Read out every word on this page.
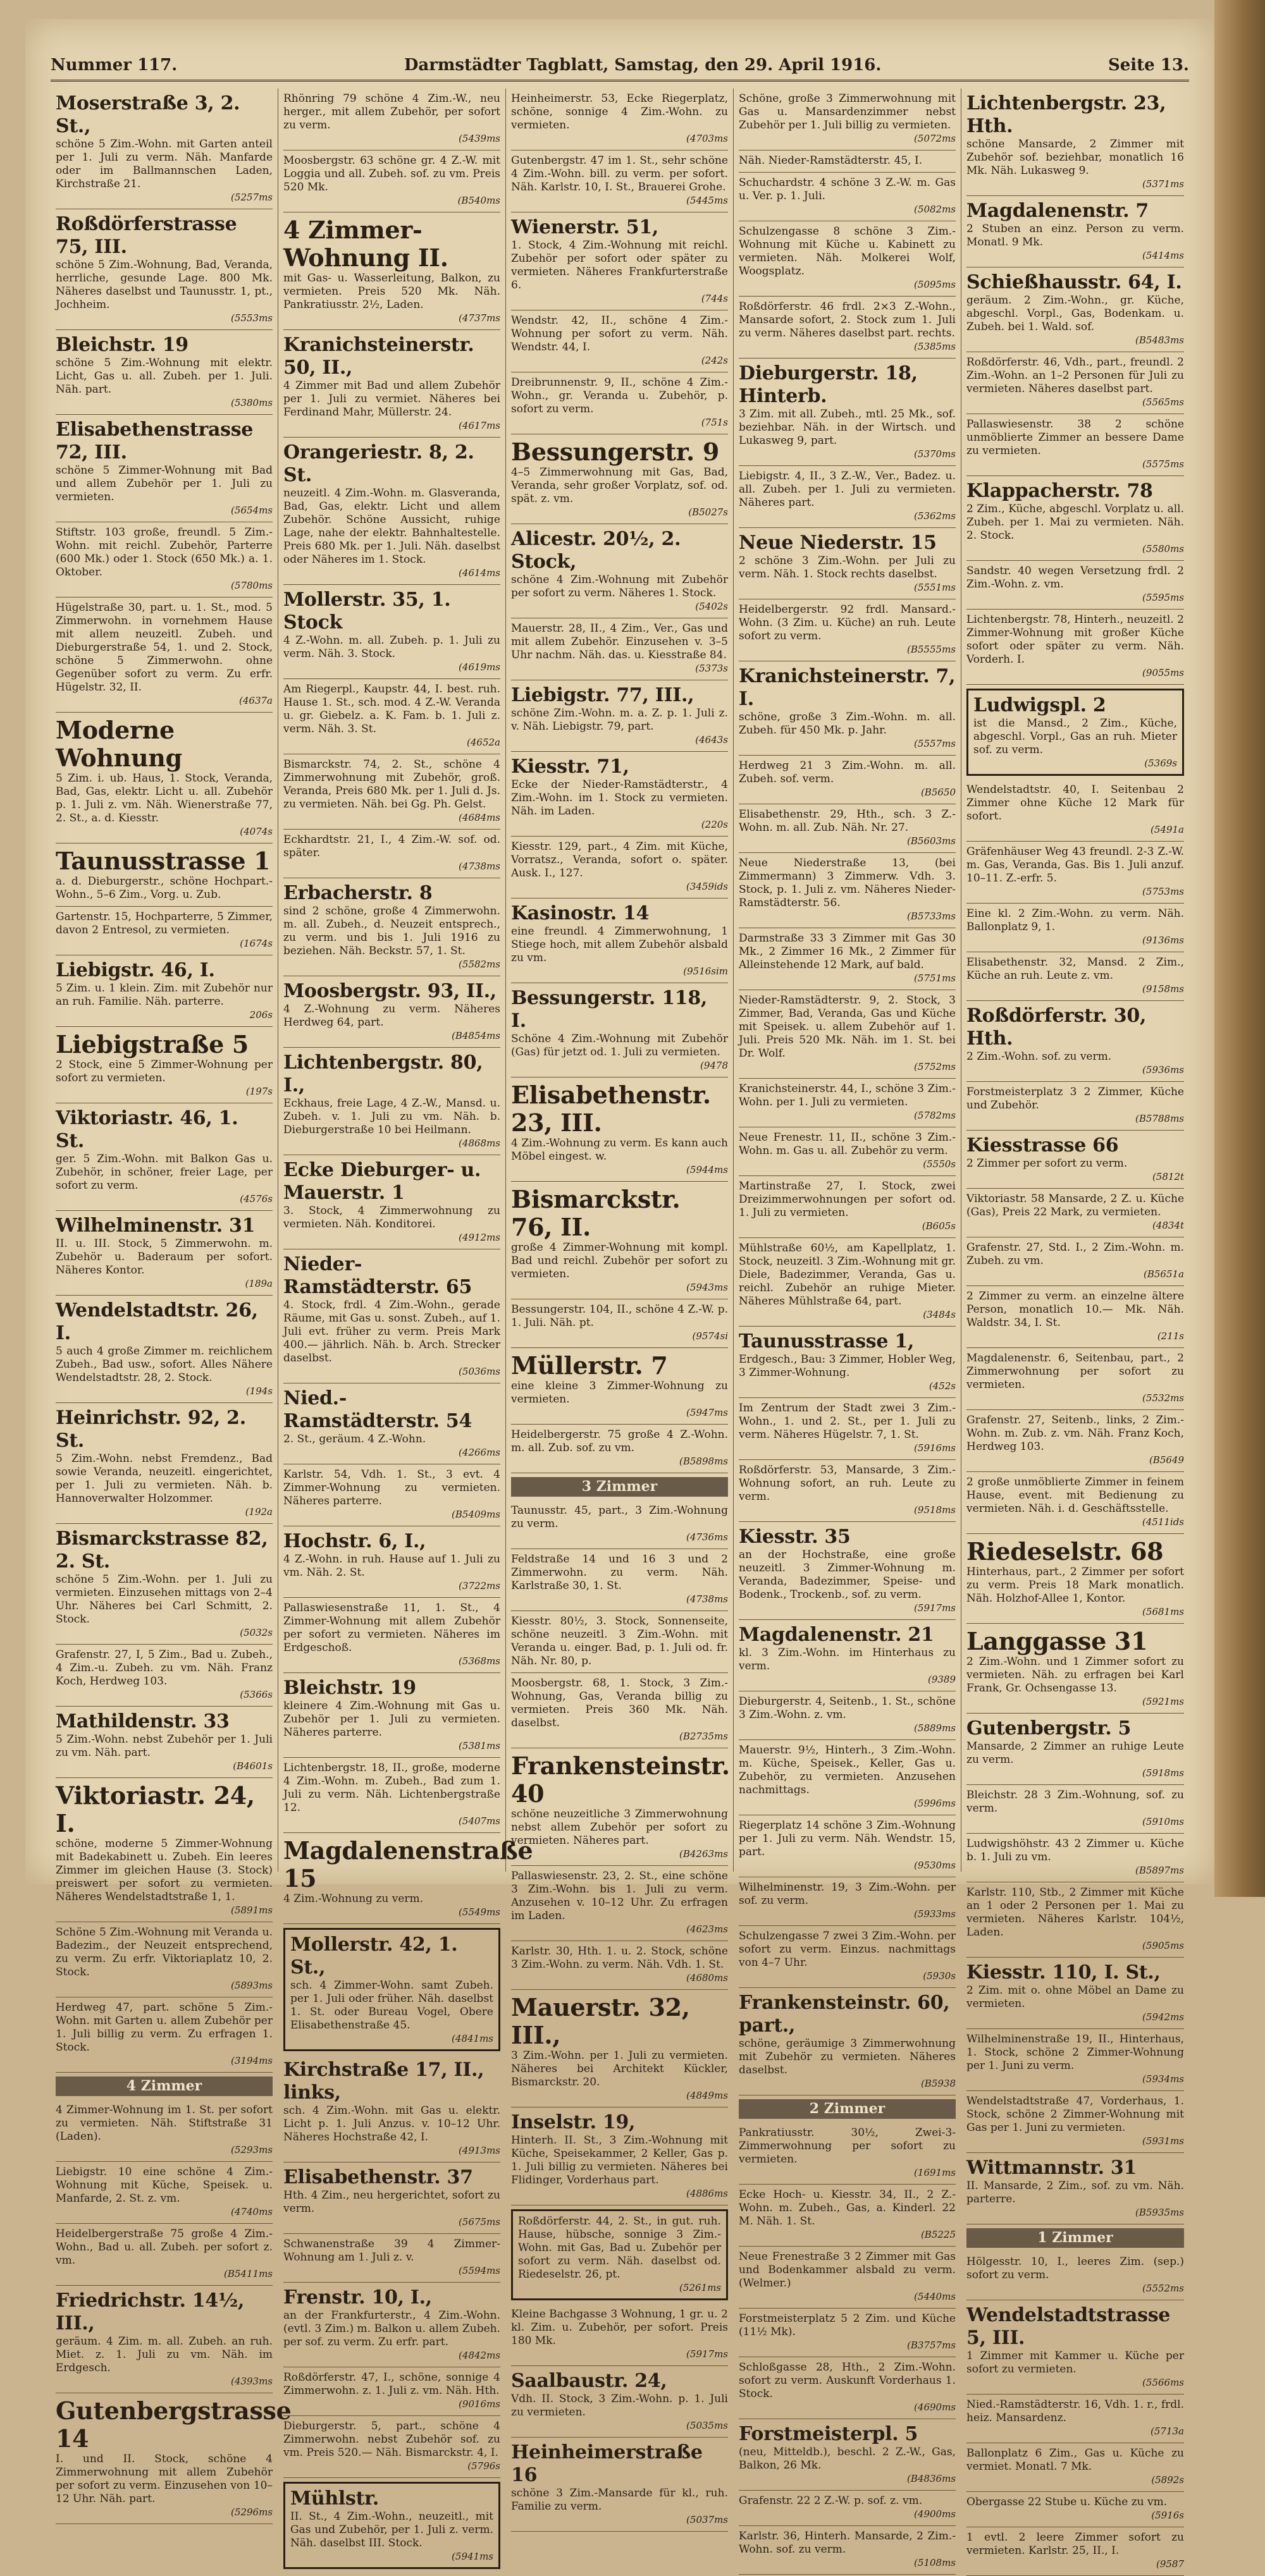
Nummer 117.	Darmstädter Tagblatt, Samstag, den 29. April 1916.	Seite 13.
Moserstraße 3, 2. St.,
schöne 5 Zim.-Wohn. mit Garten anteil per 1. Juli zu verm. Näh. Manfarde oder im Ballmannschen Laden, Kirchstraße 21.
(5257ms
Roßdörferstrasse 75, III.
schöne 5 Zim.-Wohnung, Bad, Veranda, herrliche, gesunde Lage. 800 Mk. Näheres daselbst und Taunusstr. 1, pt., Jochheim.
(5553ms
Bleichstr. 19
schöne 5 Zim.-Wohnung mit elektr. Licht, Gas u. all. Zubeh. per 1. Juli. Näh. part.
(5380ms
Elisabethenstrasse 72, III.
schöne 5 Zimmer-Wohnung mit Bad und allem Zubehör per 1. Juli zu vermieten.
(5654ms
Stiftstr. 103 große, freundl. 5 Zim.-Wohn. mit reichl. Zubehör, Parterre (600 Mk.) oder 1. Stock (650 Mk.) a. 1. Oktober.
(5780ms
Hügelstraße 30, part. u. 1. St., mod. 5 Zimmerwohn. in vornehmem Hause mit allem neuzeitl. Zubeh. und Dieburgerstraße 54, 1. und 2. Stock, schöne 5 Zimmerwohn. ohne Gegenüber sofort zu verm. Zu erfr. Hügelstr. 32, II.
(4637a
Moderne Wohnung
5 Zim. i. ub. Haus, 1. Stock, Veranda, Bad, Gas, elektr. Licht u. all. Zubehör p. 1. Juli z. vm. Näh. Wienerstraße 77, 2. St., a. d. Kiesstr.
(4074s
Taunusstrasse 1
a. d. Dieburgerstr., schöne Hochpart.-Wohn., 5–6 Zim., Vorg. u. Zub.
Gartenstr. 15, Hochparterre, 5 Zimmer, davon 2 Entresol, zu vermieten.
(1674s
Liebigstr. 46, I.
5 Zim. u. 1 klein. Zim. mit Zubehör nur an ruh. Familie. Näh. parterre.
206s
Liebigstraße 5
2 Stock, eine 5 Zimmer-Wohnung per sofort zu vermieten.
(197s
Viktoriastr. 46, 1. St.
ger. 5 Zim.-Wohn. mit Balkon Gas u. Zubehör, in schöner, freier Lage, per sofort zu verm.
(4576s
Wilhelminenstr. 31
II. u. III. Stock, 5 Zimmerwohn. m. Zubehör u. Baderaum per sofort. Näheres Kontor.
(189a
Wendelstadtstr. 26, I.
5 auch 4 große Zimmer m. reichlichem Zubeh., Bad usw., sofort. Alles Nähere Wendelstadtstr. 28, 2. Stock.
(194s
Heinrichstr. 92, 2. St.
5 Zim.-Wohn. nebst Fremdenz., Bad sowie Veranda, neuzeitl. eingerichtet, per 1. Juli zu vermieten. Näh. b. Hannoverwalter Holzommer.
(192a
Bismarckstrasse 82, 2. St.
schöne 5 Zim.-Wohn. per 1. Juli zu vermieten. Einzusehen mittags von 2–4 Uhr. Näheres bei Carl Schmitt, 2. Stock.
(5032s
Grafenstr. 27, I, 5 Zim., Bad u. Zubeh., 4 Zim.-u. Zubeh. zu vm. Näh. Franz Koch, Herdweg 103.
(5366s
Mathildenstr. 33
5 Zim.-Wohn. nebst Zubehör per 1. Juli zu vm. Näh. part.
(B4601s
Viktoriastr. 24, I.
schöne, moderne 5 Zimmer-Wohnung mit Badekabinett u. Zubeh. Ein leeres Zimmer im gleichen Hause (3. Stock) preiswert per sofort zu vermieten. Näheres Wendelstadtstraße 1, 1.
(5891ms
Schöne 5 Zim.-Wohnung mit Veranda u. Badezim., der Neuzeit entsprechend, zu verm. Zu erfr. Viktoriaplatz 10, 2. Stock.
(5893ms
Herdweg 47, part. schöne 5 Zim.-Wohn. mit Garten u. allem Zubehör per 1. Juli billig zu verm. Zu erfragen 1. Stock.
(3194ms
4 Zimmer
4 Zimmer-Wohnung im 1. St. per sofort zu vermieten. Näh. Stiftstraße 31 (Laden).
(5293ms
Liebigstr. 10 eine schöne 4 Zim.-Wohnung mit Küche, Speisek. u. Manfarde, 2. St. z. vm.
(4740ms
Heidelbergerstraße 75 große 4 Zim.-Wohn., Bad u. all. Zubeh. per sofort z. vm.
(B5411ms
Friedrichstr. 14½, III.,
geräum. 4 Zim. m. all. Zubeh. an ruh. Miet. z. 1. Juli zu vm. Näh. im Erdgesch.
(4393ms
Gutenbergstrasse 14
I. und II. Stock, schöne 4 Zimmerwohnung mit allem Zubehör per sofort zu verm. Einzusehen von 10–12 Uhr. Näh. part.
(5296ms
Rhönring 79 schöne 4 Zim.-W., neu herger., mit allem Zubehör, per sofort zu verm.
(5439ms
Moosbergstr. 63 schöne gr. 4 Z.-W. mit Loggia und all. Zubeh. sof. zu vm. Preis 520 Mk.
(B540ms
4 Zimmer-Wohnung II.
mit Gas- u. Wasserleitung, Balkon, zu vermieten. Preis 520 Mk. Näh. Pankratiusstr. 2½, Laden.
(4737ms
Kranichsteinerstr. 50, II.,
4 Zimmer mit Bad und allem Zubehör per 1. Juli zu vermiet. Näheres bei Ferdinand Mahr, Müllerstr. 24.
(4617ms
Orangeriestr. 8, 2. St.
neuzeitl. 4 Zim.-Wohn. m. Glasveranda, Bad, Gas, elektr. Licht und allem Zubehör. Schöne Aussicht, ruhige Lage, nahe der elektr. Bahnhaltestelle. Preis 680 Mk. per 1. Juli. Näh. daselbst oder Näheres im 1. Stock.
(4614ms
Mollerstr. 35, 1. Stock
4 Z.-Wohn. m. all. Zubeh. p. 1. Juli zu verm. Näh. 3. Stock.
(4619ms
Am Riegerpl., Kaupstr. 44, I. best. ruh. Hause 1. St., sch. mod. 4 Z.-W. Veranda u. gr. Giebelz. a. K. Fam. b. 1. Juli z. verm. Näh. 3. St.
(4652a
Bismarckstr. 74, 2. St., schöne 4 Zimmerwohnung mit Zubehör, groß. Veranda, Preis 680 Mk. per 1. Juli d. Js. zu vermieten. Näh. bei Gg. Ph. Gelst.
(4684ms
Eckhardtstr. 21, I., 4 Zim.-W. sof. od. später.
(4738ms
Erbacherstr. 8
sind 2 schöne, große 4 Zimmerwohn. m. all. Zubeh., d. Neuzeit entsprech., zu verm. und bis 1. Juli 1916 zu beziehen. Näh. Beckstr. 57, 1. St.
(5582ms
Moosbergstr. 93, II.,
4 Z.-Wohnung zu verm. Näheres Herdweg 64, part.
(B4854ms
Lichtenbergstr. 80, I.,
Eckhaus, freie Lage, 4 Z.-W., Mansd. u. Zubeh. v. 1. Juli zu vm. Näh. b. Dieburgerstraße 10 bei Heilmann.
(4868ms
Ecke Dieburger- u. Mauerstr. 1
3. Stock, 4 Zimmerwohnung zu vermieten. Näh. Konditorei.
(4912ms
Nieder-Ramstädterstr. 65
4. Stock, frdl. 4 Zim.-Wohn., gerade Räume, mit Gas u. sonst. Zubeh., auf 1. Juli evt. früher zu verm. Preis Mark 400.— jährlich. Näh. b. Arch. Strecker daselbst.
(5036ms
Nied.-Ramstädterstr. 54
2. St., geräum. 4 Z.-Wohn.
(4266ms
Karlstr. 54, Vdh. 1. St., 3 evt. 4 Zimmer-Wohnung zu vermieten. Näheres parterre.
(B5409ms
Hochstr. 6, I.,
4 Z.-Wohn. in ruh. Hause auf 1. Juli zu vm. Näh. 2. St.
(3722ms
Pallaswiesenstraße 11, 1. St., 4 Zimmer-Wohnung mit allem Zubehör per sofort zu vermieten. Näheres im Erdgeschoß.
(5368ms
Bleichstr. 19
kleinere 4 Zim.-Wohnung mit Gas u. Zubehör per 1. Juli zu vermieten. Näheres parterre.
(5381ms
Lichtenbergstr. 18, II., große, moderne 4 Zim.-Wohn. m. Zubeh., Bad zum 1. Juli zu verm. Näh. Lichtenbergstraße 12.
(5407ms
Magdalenenstraße 15
4 Zim.-Wohnung zu verm.
(5549ms
Mollerstr. 42, 1. St.,
sch. 4 Zimmer-Wohn. samt Zubeh. per 1. Juli oder früher. Näh. daselbst 1. St. oder Bureau Vogel, Obere Elisabethenstraße 45.
(4841ms
Kirchstraße 17, II., links,
sch. 4 Zim.-Wohn. mit Gas u. elektr. Licht p. 1. Juli Anzus. v. 10–12 Uhr. Näheres Hochstraße 42, I.
(4913ms
Elisabethenstr. 37
Hth. 4 Zim., neu hergerichtet, sofort zu verm.
(5675ms
Schwanenstraße 39 4 Zimmer-Wohnung am 1. Juli z. v.
(5594ms
Frenstr. 10, I.,
an der Frankfurterstr., 4 Zim.-Wohn. (evtl. 3 Zim.) m. Balkon u. allem Zubeh. per sof. zu verm. Zu erfr. part.
(4842ms
Roßdörferstr. 47, I., schöne, sonnige 4 Zimmerwohn. z. 1. Juli z. vm. Näh. Hth.
(9016ms
Dieburgerstr. 5, part., schöne 4 Zimmerwohn. nebst Zubehör sof. zu vm. Preis 520.— Näh. Bismarckstr. 4, I.
(5796s
Mühlstr.
II. St., 4 Zim.-Wohn., neuzeitl., mit Gas und Zubehör, per 1. Juli z. verm. Näh. daselbst III. Stock.
(5941ms
Heinheimerstr. 53, Ecke Riegerplatz, schöne, sonnige 4 Zim.-Wohn. zu vermieten.
(4703ms
Gutenbergstr. 47 im 1. St., sehr schöne 4 Zim.-Wohn. bill. zu verm. per sofort. Näh. Karlstr. 10, I. St., Brauerei Grohe.
(5445ms
Wienerstr. 51,
1. Stock, 4 Zim.-Wohnung mit reichl. Zubehör per sofort oder später zu vermieten. Näheres Frankfurterstraße 6.
(744s
Wendstr. 42, II., schöne 4 Zim.-Wohnung per sofort zu verm. Näh. Wendstr. 44, I.
(242s
Dreibrunnenstr. 9, II., schöne 4 Zim.-Wohn., gr. Veranda u. Zubehör, p. sofort zu verm.
(751s
Bessungerstr. 9
4–5 Zimmerwohnung mit Gas, Bad, Veranda, sehr großer Vorplatz, sof. od. spät. z. vm.
(B5027s
Alicestr. 20½, 2. Stock,
schöne 4 Zim.-Wohnung mit Zubehör per sofort zu verm. Näheres 1. Stock.
(5402s
Mauerstr. 28, II., 4 Zim., Ver., Gas und mit allem Zubehör. Einzusehen v. 3–5 Uhr nachm. Näh. das. u. Kiesstraße 84.
(5373s
Liebigstr. 77, III.,
schöne Zim.-Wohn. m. a. Z. p. 1. Juli z. v. Näh. Liebigstr. 79, part.
(4643s
Kiesstr. 71,
Ecke der Nieder-Ramstädterstr., 4 Zim.-Wohn. im 1. Stock zu vermieten. Näh. im Laden.
(220s
Kiesstr. 129, part., 4 Zim. mit Küche, Vorratsz., Veranda, sofort o. später. Ausk. I., 127.
(3459ids
Kasinostr. 14
eine freundl. 4 Zimmerwohnung, 1 Stiege hoch, mit allem Zubehör alsbald zu vm.
(9516sim
Bessungerstr. 118, I.
Schöne 4 Zim.-Wohnung mit Zubehör (Gas) für jetzt od. 1. Juli zu vermieten.
(9478
Elisabethenstr. 23, III.
4 Zim.-Wohnung zu verm. Es kann auch Möbel eingest. w.
(5944ms
Bismarckstr. 76, II.
große 4 Zimmer-Wohnung mit kompl. Bad und reichl. Zubehör per sofort zu vermieten.
(5943ms
Bessungerstr. 104, II., schöne 4 Z.-W. p. 1. Juli. Näh. pt.
(9574si
Müllerstr. 7
eine kleine 3 Zimmer-Wohnung zu vermieten.
(5947ms
Heidelbergerstr. 75 große 4 Z.-Wohn. m. all. Zub. sof. zu vm.
(B5898ms
3 Zimmer
Taunusstr. 45, part., 3 Zim.-Wohnung zu verm.
(4736ms
Feldstraße 14 und 16 3 und 2 Zimmerwohn. zu verm. Näh. Karlstraße 30, 1. St.
(4738ms
Kiesstr. 80½, 3. Stock, Sonnenseite, schöne neuzeitl. 3 Zim.-Wohn. mit Veranda u. einger. Bad, p. 1. Juli od. fr. Näh. Nr. 80, p.
Moosbergstr. 68, 1. Stock, 3 Zim.-Wohnung, Gas, Veranda billig zu vermieten. Preis 360 Mk. Näh. daselbst.
(B2735ms
Frankensteinstr. 40
schöne neuzeitliche 3 Zimmerwohnung nebst allem Zubehör per sofort zu vermieten. Näheres part.
(B4263ms
Pallaswiesenstr. 23, 2. St., eine schöne 3 Zim.-Wohn. bis 1. Juli zu verm. Anzusehen v. 10–12 Uhr. Zu erfragen im Laden.
(4623ms
Karlstr. 30, Hth. 1. u. 2. Stock, schöne 3 Zim.-Wohn. zu verm. Näh. Vdh. 1. St.
(4680ms
Mauerstr. 32, III.,
3 Zim.-Wohn. per 1. Juli zu vermieten. Näheres bei Architekt Kückler, Bismarckstr. 20.
(4849ms
Inselstr. 19,
Hinterh. II. St., 3 Zim.-Wohnung mit Küche, Speisekammer, 2 Keller, Gas p. 1. Juli billig zu vermieten. Näheres bei Flidinger, Vorderhaus part.
(4886ms
Roßdörferstr. 44, 2. St., in gut. ruh. Hause, hübsche, sonnige 3 Zim.-Wohn. mit Gas, Bad u. Zubehör per sofort zu verm. Näh. daselbst od. Riedeselstr. 26, pt.
(5261ms
Kleine Bachgasse 3 Wohnung, 1 gr. u. 2 kl. Zim. u. Zubehör, per sofort. Preis 180 Mk.
(5917ms
Saalbaustr. 24,
Vdh. II. Stock, 3 Zim.-Wohn. p. 1. Juli zu vermieten.
(5035ms
Heinheimerstraße 16
schöne 3 Zim.-Mansarde für kl., ruh. Familie zu verm.
(5037ms
Schöne, große 3 Zimmerwohnung mit Gas u. Mansardenzimmer nebst Zubehör per 1. Juli billig zu vermieten.
(5072ms
Näh. Nieder-Ramstädterstr. 45, I.
Schuchardstr. 4 schöne 3 Z.-W. m. Gas u. Ver. p. 1. Juli.
(5082ms
Schulzengasse 8 schöne 3 Zim.-Wohnung mit Küche u. Kabinett zu vermieten. Näh. Molkerei Wolf, Woogsplatz.
(5095ms
Roßdörferstr. 46 frdl. 2×3 Z.-Wohn., Mansarde sofort, 2. Stock zum 1. Juli zu verm. Näheres daselbst part. rechts.
(5385ms
Dieburgerstr. 18, Hinterb.
3 Zim. mit all. Zubeh., mtl. 25 Mk., sof. beziehbar. Näh. in der Wirtsch. und Lukasweg 9, part.
(5370ms
Liebigstr. 4, II., 3 Z.-W., Ver., Badez. u. all. Zubeh. per 1. Juli zu vermieten. Näheres part.
(5362ms
Neue Niederstr. 15
2 schöne 3 Zim.-Wohn. per Juli zu verm. Näh. 1. Stock rechts daselbst.
(5551ms
Heidelbergerstr. 92 frdl. Mansard.-Wohn. (3 Zim. u. Küche) an ruh. Leute sofort zu verm.
(B5555ms
Kranichsteinerstr. 7, I.
schöne, große 3 Zim.-Wohn. m. all. Zubeh. für 450 Mk. p. Jahr.
(5557ms
Herdweg 21 3 Zim.-Wohn. m. all. Zubeh. sof. verm.
(B5650
Elisabethenstr. 29, Hth., sch. 3 Z.-Wohn. m. all. Zub. Näh. Nr. 27.
(B5603ms
Neue Niederstraße 13, (bei Zimmermann) 3 Zimmerw. Vdh. 3. Stock, p. 1. Juli z. vm. Näheres Nieder-Ramstädterstr. 56.
(B5733ms
Darmstraße 33 3 Zimmer mit Gas 30 Mk., 2 Zimmer 16 Mk., 2 Zimmer für Alleinstehende 12 Mark, auf bald.
(5751ms
Nieder-Ramstädterstr. 9, 2. Stock, 3 Zimmer, Bad, Veranda, Gas und Küche mit Speisek. u. allem Zubehör auf 1. Juli. Preis 520 Mk. Näh. im 1. St. bei Dr. Wolf.
(5752ms
Kranichsteinerstr. 44, I., schöne 3 Zim.-Wohn. per 1. Juli zu vermieten.
(5782ms
Neue Frenestr. 11, II., schöne 3 Zim.-Wohn. m. Gas u. all. Zubehör zu verm.
(5550s
Martinstraße 27, I. Stock, zwei Dreizimmerwohnungen per sofort od. 1. Juli zu vermieten.
(B605s
Mühlstraße 60½, am Kapellplatz, 1. Stock, neuzeitl. 3 Zim.-Wohnung mit gr. Diele, Badezimmer, Veranda, Gas u. reichl. Zubehör an ruhige Mieter. Näheres Mühlstraße 64, part.
(3484s
Taunusstrasse 1,
Erdgesch., Bau: 3 Zimmer, Hobler Weg, 3 Zimmer-Wohnung.
(452s
Im Zentrum der Stadt zwei 3 Zim.-Wohn., 1. und 2. St., per 1. Juli zu verm. Näheres Hügelstr. 7, 1. St.
(5916ms
Roßdörferstr. 53, Mansarde, 3 Zim.-Wohnung sofort, an ruh. Leute zu verm.
(9518ms
Kiesstr. 35
an der Hochstraße, eine große neuzeitl. 3 Zimmer-Wohnung m. Veranda, Badezimmer, Speise- und Bodenk., Trockenb., sof. zu verm.
(5917ms
Magdalenenstr. 21
kl. 3 Zim.-Wohn. im Hinterhaus zu verm.
(9389
Dieburgerstr. 4, Seitenb., 1. St., schöne 3 Zim.-Wohn. z. vm.
(5889ms
Mauerstr. 9½, Hinterh., 3 Zim.-Wohn. m. Küche, Speisek., Keller, Gas u. Zubehör, zu vermieten. Anzusehen nachmittags.
(5996ms
Riegerplatz 14 schöne 3 Zim.-Wohnung per 1. Juli zu verm. Näh. Wendstr. 15, part.
(9530ms
Wilhelminenstr. 19, 3 Zim.-Wohn. per sof. zu verm.
(5933ms
Schulzengasse 7 zwei 3 Zim.-Wohn. per sofort zu verm. Einzus. nachmittags von 4–7 Uhr.
(5930s
Frankensteinstr. 60, part.,
schöne, geräumige 3 Zimmerwohnung mit Zubehör zu vermieten. Näheres daselbst.
(B5938
2 Zimmer
Pankratiusstr. 30½, Zwei-3-Zimmerwohnung per sofort zu vermieten.
(1691ms
Ecke Hoch- u. Kiesstr. 34, II., 2 Z.-Wohn. m. Zubeh., Gas, a. Kinderl. 22 M. Näh. 1. St.
(B5225
Neue Frenestraße 3 2 Zimmer mit Gas und Bodenkammer alsbald zu verm. (Welmer.)
(5440ms
Forstmeisterplatz 5 2 Zim. und Küche (11½ Mk).
(B3757ms
Schloßgasse 28, Hth., 2 Zim.-Wohn. sofort zu verm. Auskunft Vorderhaus 1. Stock.
(4690ms
Forstmeisterpl. 5
(neu, Mitteldb.), beschl. 2 Z.-W., Gas, Balkon, 26 Mk.
(B4836ms
Grafenstr. 22 2 Z.-W. p. sof. z. vm.
(4900ms
Karlstr. 36, Hinterh. Mansarde, 2 Zim.-Wohn. sof. zu verm.
(5108ms
Lichtenbergstr. 23, Hth.
schöne Mansarde, 2 Zimmer mit Zubehör sof. beziehbar, monatlich 16 Mk. Näh. Lukasweg 9.
(5371ms
Magdalenenstr. 7
2 Stuben an einz. Person zu verm. Monatl. 9 Mk.
(5414ms
Schießhausstr. 64, I.
geräum. 2 Zim.-Wohn., gr. Küche, abgeschl. Vorpl., Gas, Bodenkam. u. Zubeh. bei 1. Wald. sof.
(B5483ms
Roßdörferstr. 46, Vdh., part., freundl. 2 Zim.-Wohn. an 1–2 Personen für Juli zu vermieten. Näheres daselbst part.
(5565ms
Pallaswiesenstr. 38 2 schöne unmöblierte Zimmer an bessere Dame zu vermieten.
(5575ms
Klappacherstr. 78
2 Zim., Küche, abgeschl. Vorplatz u. all. Zubeh. per 1. Mai zu vermieten. Näh. 2. Stock.
(5580ms
Sandstr. 40 wegen Versetzung frdl. 2 Zim.-Wohn. z. vm.
(5595ms
Lichtenbergstr. 78, Hinterh., neuzeitl. 2 Zimmer-Wohnung mit großer Küche sofort oder später zu verm. Näh. Vorderh. I.
(9055ms
Ludwigspl. 2
ist die Mansd., 2 Zim., Küche, abgeschl. Vorpl., Gas an ruh. Mieter sof. zu verm.
(5369s
Wendelstadtstr. 40, I. Seitenbau 2 Zimmer ohne Küche 12 Mark für sofort.
(5491a
Gräfenhäuser Weg 43 freundl. 2-3 Z.-W. m. Gas, Veranda, Gas. Bis 1. Juli anzuf. 10–11. Z.-erfr. 5.
(5753ms
Eine kl. 2 Zim.-Wohn. zu verm. Näh. Ballonplatz 9, 1.
(9136ms
Elisabethenstr. 32, Mansd. 2 Zim., Küche an ruh. Leute z. vm.
(9158ms
Roßdörferstr. 30, Hth.
2 Zim.-Wohn. sof. zu verm.
(5936ms
Forstmeisterplatz 3 2 Zimmer, Küche und Zubehör.
(B5788ms
Kiesstrasse 66
2 Zimmer per sofort zu verm.
(5812t
Viktoriastr. 58 Mansarde, 2 Z. u. Küche (Gas), Preis 22 Mark, zu vermieten.
(4834t
Grafenstr. 27, Std. I., 2 Zim.-Wohn. m. Zubeh. zu vm.
(B5651a
2 Zimmer zu verm. an einzelne ältere Person, monatlich 10.— Mk. Näh. Waldstr. 34, I. St.
(211s
Magdalenenstr. 6, Seitenbau, part., 2 Zimmerwohnung per sofort zu vermieten.
(5532ms
Grafenstr. 27, Seitenb., links, 2 Zim.-Wohn. m. Zub. z. vm. Näh. Franz Koch, Herdweg 103.
(B5649
2 große unmöblierte Zimmer in feinem Hause, event. mit Bedienung zu vermieten. Näh. i. d. Geschäftsstelle.
(4511ids
Riedeselstr. 68
Hinterhaus, part., 2 Zimmer per sofort zu verm. Preis 18 Mark monatlich. Näh. Holzhof-Allee 1, Kontor.
(5681ms
Langgasse 31
2 Zim.-Wohn. und 1 Zimmer sofort zu vermieten. Näh. zu erfragen bei Karl Frank, Gr. Ochsengasse 13.
(5921ms
Gutenbergstr. 5
Mansarde, 2 Zimmer an ruhige Leute zu verm.
(5918ms
Bleichstr. 28 3 Zim.-Wohnung, sof. zu verm.
(5910ms
Ludwigshöhstr. 43 2 Zimmer u. Küche b. 1. Juli zu vm.
(B5897ms
Karlstr. 110, Stb., 2 Zimmer mit Küche an 1 oder 2 Personen per 1. Mai zu vermieten. Näheres Karlstr. 104½, Laden.
(5905ms
Kiesstr. 110, I. St.,
2 Zim. mit o. ohne Möbel an Dame zu vermieten.
(5942ms
Wilhelminenstraße 19, II., Hinterhaus, 1. Stock, schöne 2 Zimmer-Wohnung per 1. Juni zu verm.
(5934ms
Wendelstadtstraße 47, Vorderhaus, 1. Stock, schöne 2 Zimmer-Wohnung mit Gas per 1. Juni zu vermieten.
(5931ms
Wittmannstr. 31
II. Mansarde, 2 Zim., sof. zu vm. Näh. parterre.
(B5935ms
1 Zimmer
Hölgesstr. 10, I., leeres Zim. (sep.) sofort zu verm.
(5552ms
Wendelstadtstrasse 5, III.
1 Zimmer mit Kammer u. Küche per sofort zu vermieten.
(5566ms
Nied.-Ramstädterstr. 16, Vdh. 1. r., frdl. heiz. Mansardenz.
(5713a
Ballonplatz 6 Zim., Gas u. Küche zu vermiet. Monatl. 7 Mk.
(5892s
Obergasse 22 Stube u. Küche zu vm.
(5916s
1 evtl. 2 leere Zimmer sofort zu vermieten. Karlstr. 25, II., I.
(9587
